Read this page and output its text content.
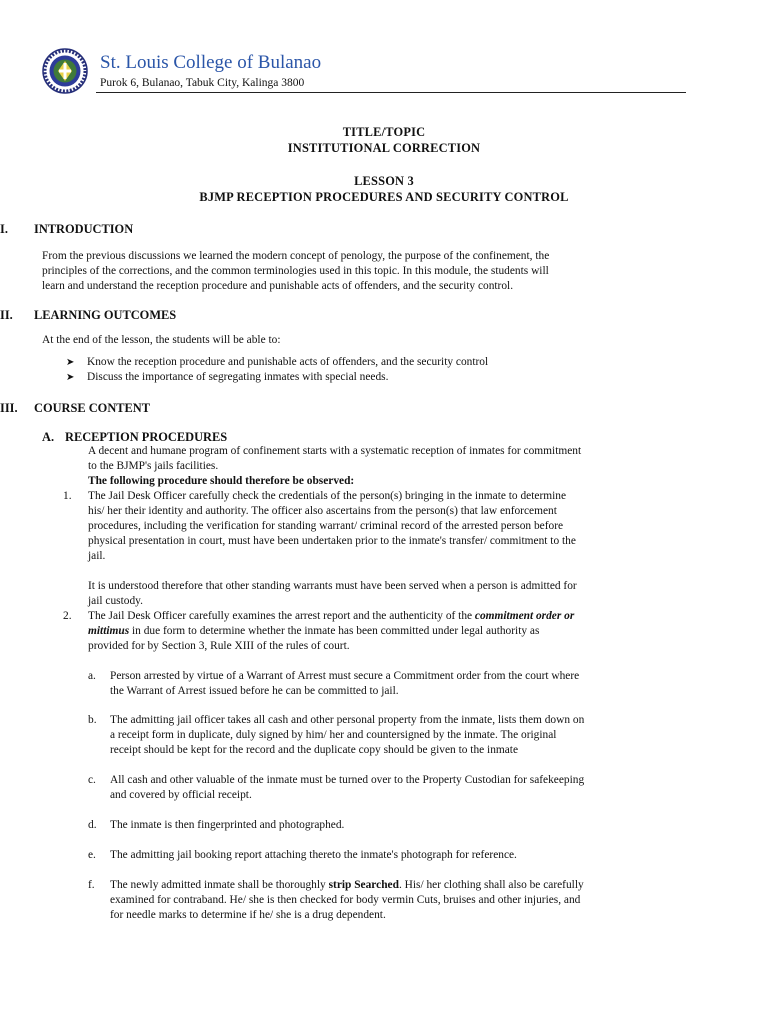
St. Louis College of Bulanao
Purok 6, Bulanao, Tabuk City, Kalinga 3800
TITLE/TOPIC
INSTITUTIONAL CORRECTION
LESSON 3
BJMP RECEPTION PROCEDURES AND SECURITY CONTROL
I. INTRODUCTION
From the previous discussions we learned the modern concept of penology, the purpose of the confinement, the
principles of the corrections, and the common terminologies used in this topic. In this module, the students will
learn and understand the reception procedure and punishable acts of offenders, and the security control.
II. LEARNING OUTCOMES
At the end of the lesson, the students will be able to:
➤ Know the reception procedure and punishable acts of offenders, and the security control
➤ Discuss the importance of segregating inmates with special needs.
III. COURSE CONTENT
A. RECEPTION PROCEDURES
A decent and humane program of confinement starts with a systematic reception of inmates for commitment
to the BJMP's jails facilities.
The following procedure should therefore be observed:
1. The Jail Desk Officer carefully check the credentials of the person(s) bringing in the inmate to determine
his/ her their identity and authority. The officer also ascertains from the person(s) that law enforcement
procedures, including the verification for standing warrant/ criminal record of the arrested person before
physical presentation in court, must have been undertaken prior to the inmate's transfer/ commitment to the
jail.
It is understood therefore that other standing warrants must have been served when a person is admitted for
jail custody.
2. The Jail Desk Officer carefully examines the arrest report and the authenticity of the commitment order or
mittimus in due form to determine whether the inmate has been committed under legal authority as
provided for by Section 3, Rule XIII of the rules of court.
a. Person arrested by virtue of a Warrant of Arrest must secure a Commitment order from the court where
the Warrant of Arrest issued before he can be committed to jail.
b. The admitting jail officer takes all cash and other personal property from the inmate, lists them down on
a receipt form in duplicate, duly signed by him/ her and countersigned by the inmate. The original
receipt should be kept for the record and the duplicate copy should be given to the inmate
c. All cash and other valuable of the inmate must be turned over to the Property Custodian for safekeeping
and covered by official receipt.
d. The inmate is then fingerprinted and photographed.
e. The admitting jail booking report attaching thereto the inmate's photograph for reference.
f. The newly admitted inmate shall be thoroughly strip Searched. His/ her clothing shall also be carefully
examined for contraband. He/ she is then checked for body vermin Cuts, bruises and other injuries, and
for needle marks to determine if he/ she is a drug dependent.
